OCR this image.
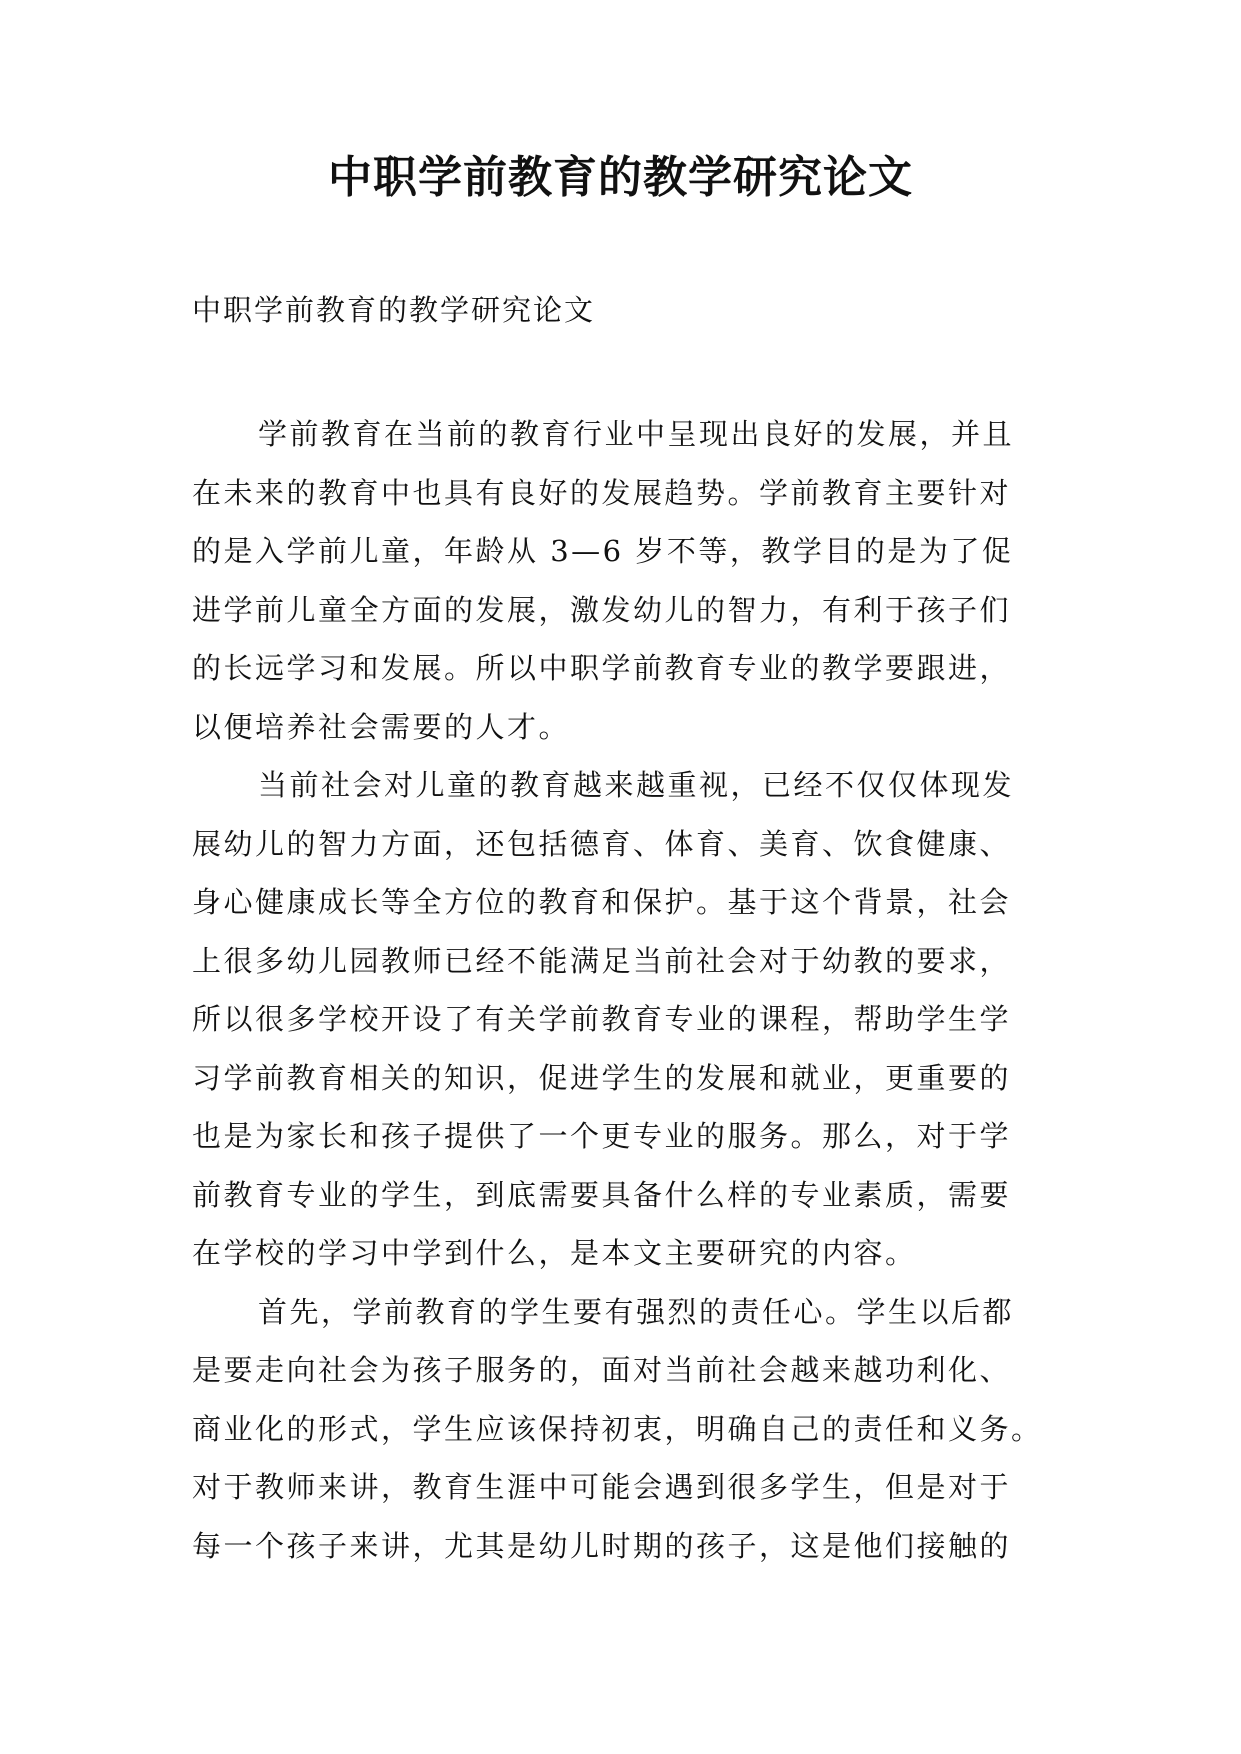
中职学前教育的教学研究论文

中职学前教育的教学研究论文

学前教育在当前的教育行业中呈现出良好的发展，并且
在未来的教育中也具有良好的发展趋势。学前教育主要针对
的是入学前儿童，年龄从 3—6 岁不等，教学目的是为了促
进学前儿童全方面的发展，激发幼儿的智力，有利于孩子们
的长远学习和发展。所以中职学前教育专业的教学要跟进，
以便培养社会需要的人才。

当前社会对儿童的教育越来越重视，已经不仅仅体现发
展幼儿的智力方面，还包括德育、体育、美育、饮食健康、
身心健康成长等全方位的教育和保护。基于这个背景，社会
上很多幼儿园教师已经不能满足当前社会对于幼教的要求，
所以很多学校开设了有关学前教育专业的课程，帮助学生学
习学前教育相关的知识，促进学生的发展和就业，更重要的
也是为家长和孩子提供了一个更专业的服务。那么，对于学
前教育专业的学生，到底需要具备什么样的专业素质，需要
在学校的学习中学到什么，是本文主要研究的内容。

首先，学前教育的学生要有强烈的责任心。学生以后都
是要走向社会为孩子服务的，面对当前社会越来越功利化、
商业化的形式，学生应该保持初衷，明确自己的责任和义务。
对于教师来讲，教育生涯中可能会遇到很多学生，但是对于
每一个孩子来讲，尤其是幼儿时期的孩子，这是他们接触的
